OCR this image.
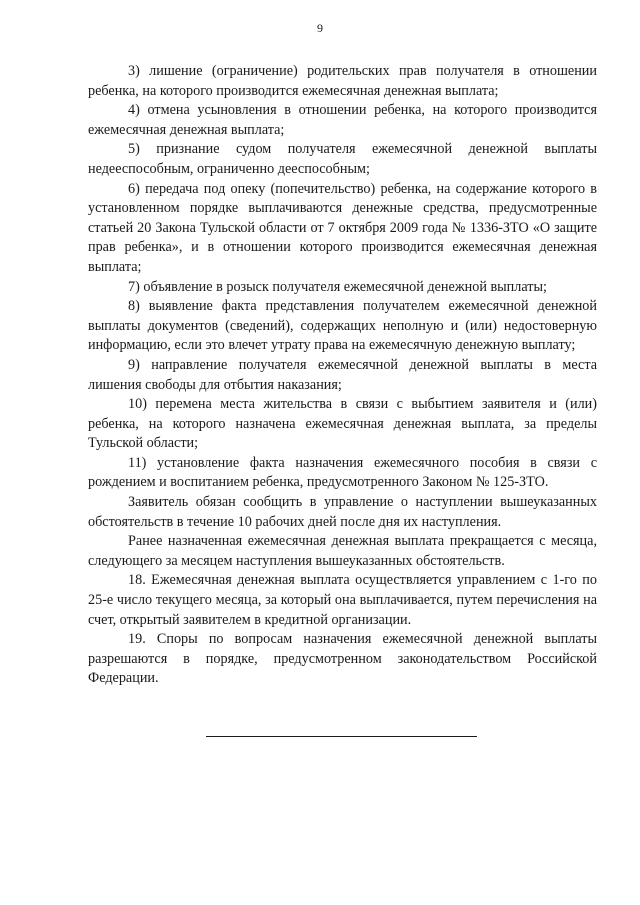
9

3) лишение (ограничение) родительских прав получателя в отношении ребенка, на которого производится ежемесячная денежная выплата;

4) отмена усыновления в отношении ребенка, на которого производится ежемесячная денежная выплата;

5) признание судом получателя ежемесячной денежной выплаты недееспособным, ограниченно дееспособным;

6) передача под опеку (попечительство) ребенка, на содержание которого в установленном порядке выплачиваются денежные средства, предусмотренные статьей 20 Закона Тульской области от 7 октября 2009 года № 1336-ЗТО «О защите прав ребенка», и в отношении которого производится ежемесячная денежная выплата;

7) объявление в розыск получателя ежемесячной денежной выплаты;

8) выявление факта представления получателем ежемесячной денежной выплаты документов (сведений), содержащих неполную и (или) недостоверную информацию, если это влечет утрату права на ежемесячную денежную выплату;

9) направление получателя ежемесячной денежной выплаты в места лишения свободы для отбытия наказания;

10) перемена места жительства в связи с выбытием заявителя и (или) ребенка, на которого назначена ежемесячная денежная выплата, за пределы Тульской области;

11) установление факта назначения ежемесячного пособия в связи с рождением и воспитанием ребенка, предусмотренного Законом № 125-ЗТО.

Заявитель обязан сообщить в управление о наступлении вышеуказанных обстоятельств в течение 10 рабочих дней после дня их наступления.

Ранее назначенная ежемесячная денежная выплата прекращается с месяца, следующего за месяцем наступления вышеуказанных обстоятельств.

18. Ежемесячная денежная выплата осуществляется управлением с 1-го по 25-е число текущего месяца, за который она выплачивается, путем перечисления на счет, открытый заявителем в кредитной организации.

19. Споры по вопросам назначения ежемесячной денежной выплаты разрешаются в порядке, предусмотренном законодательством Российской Федерации.
